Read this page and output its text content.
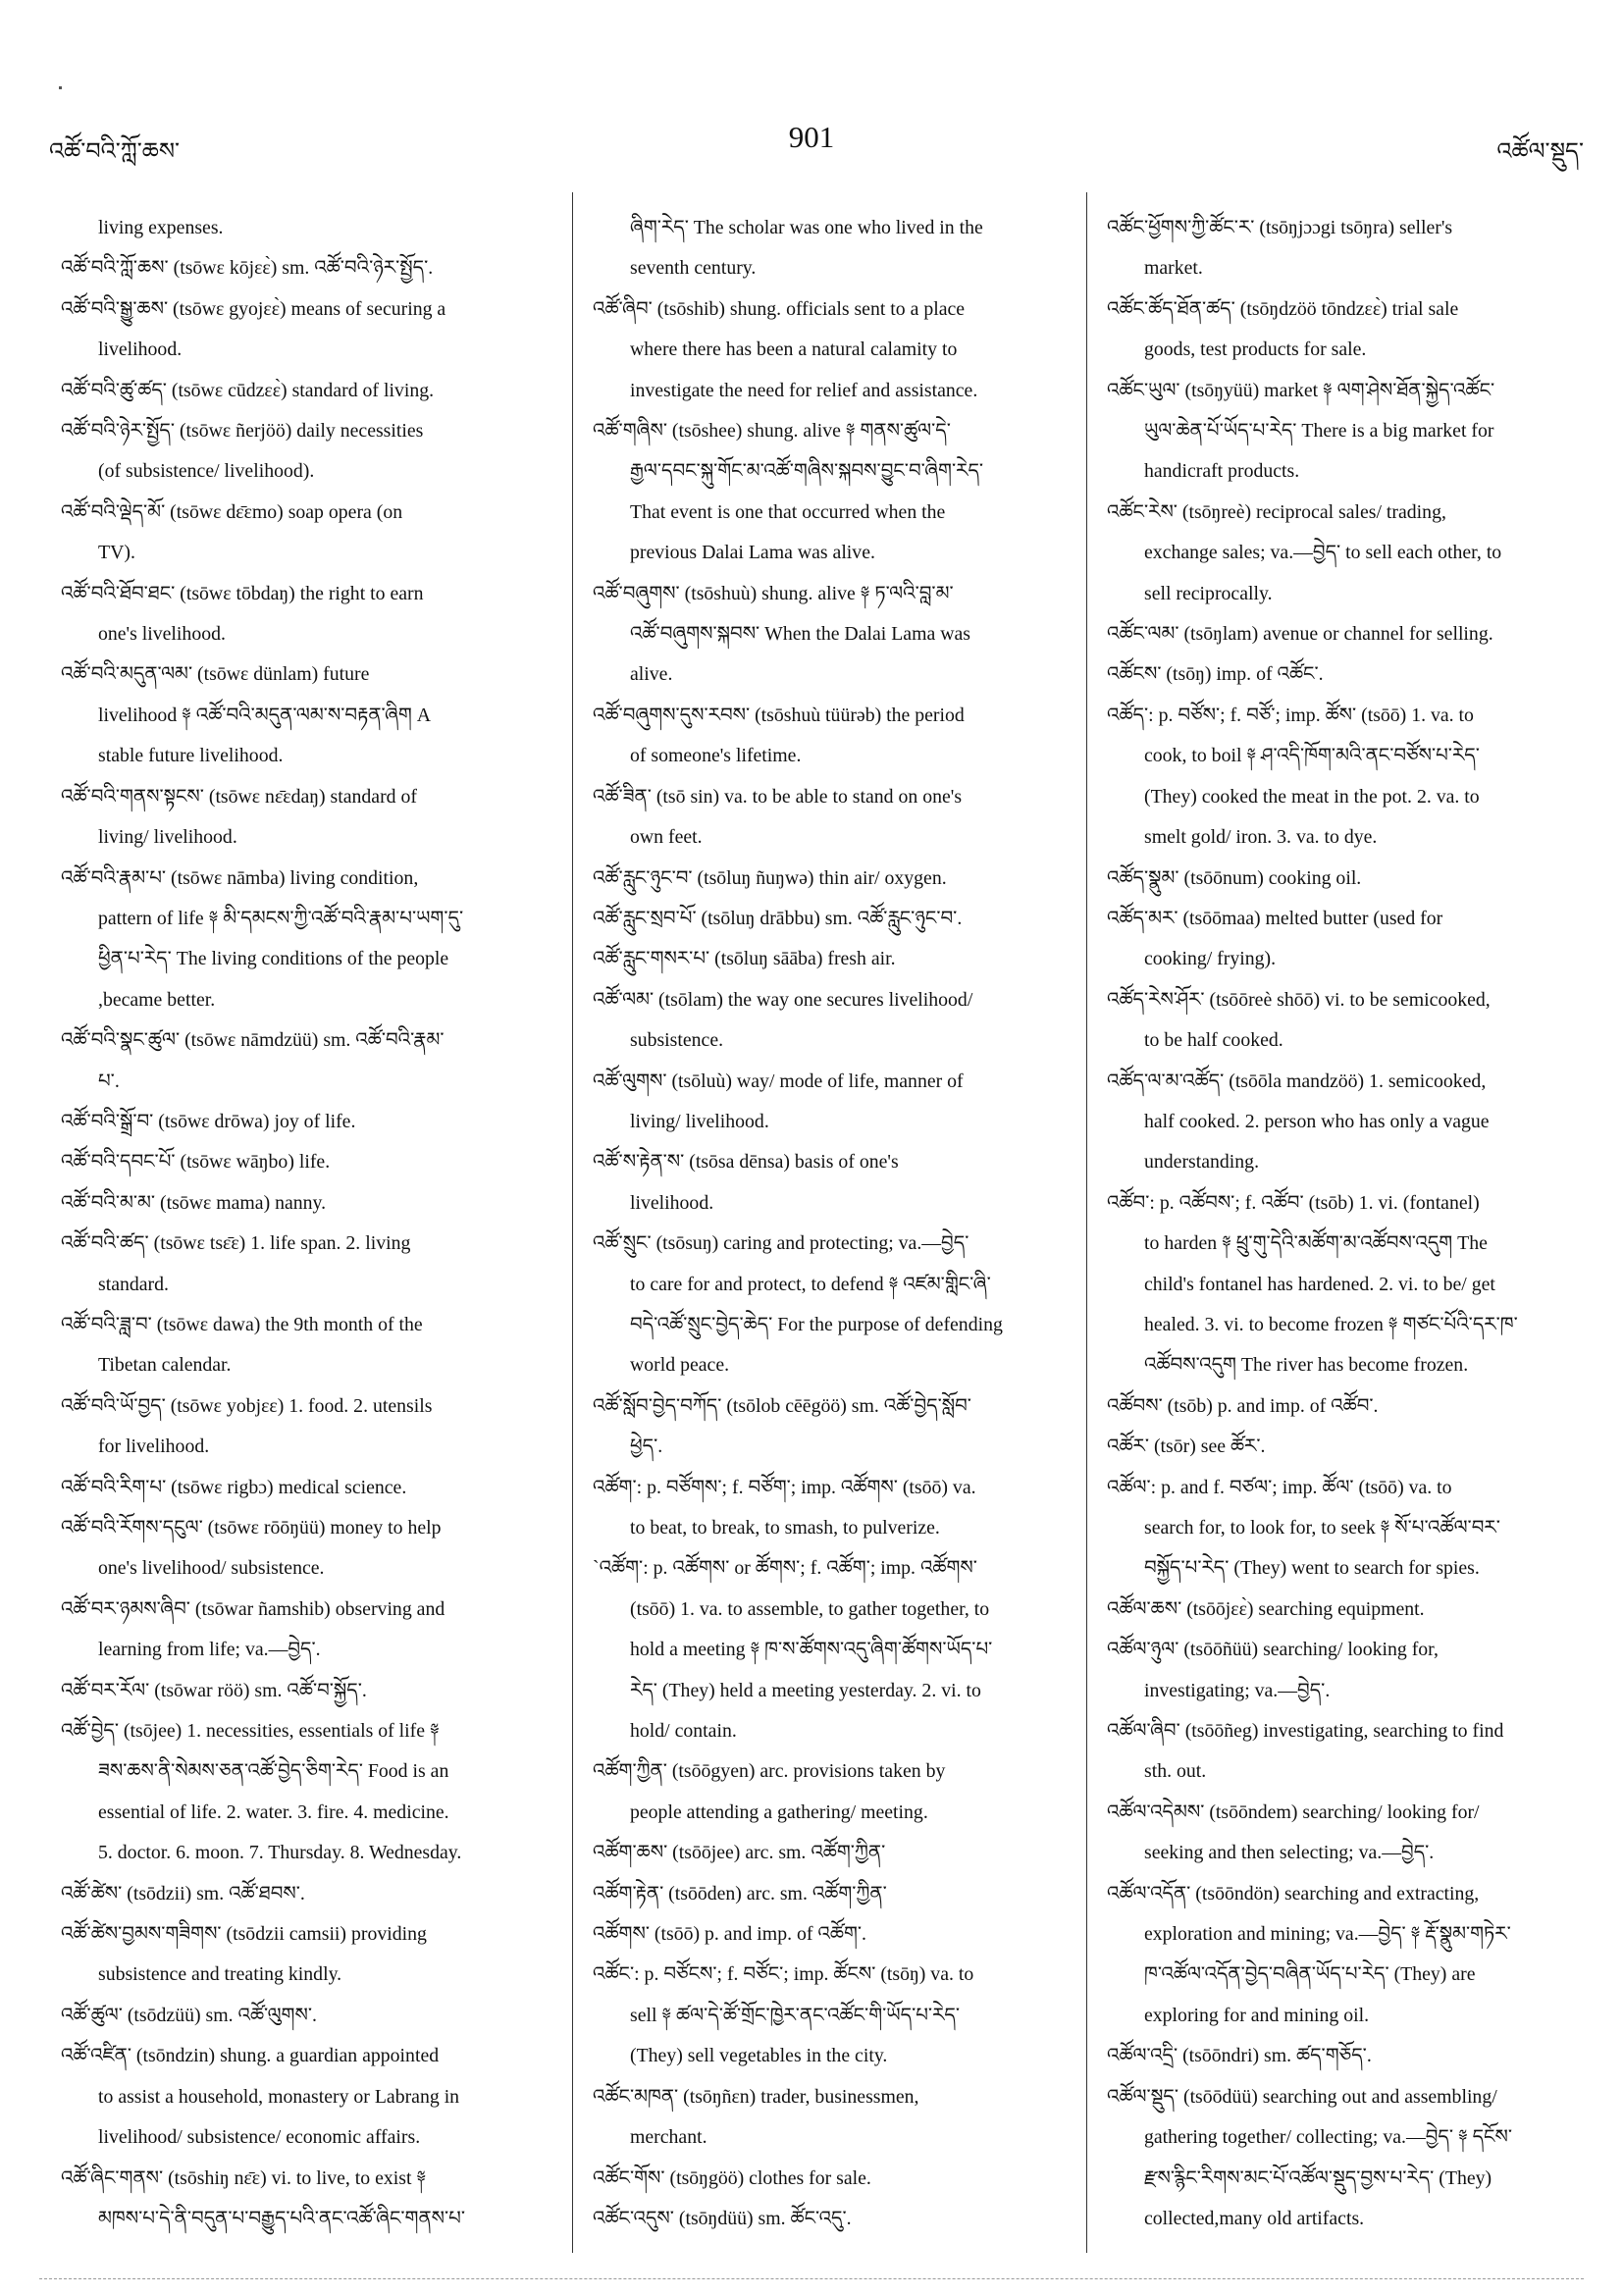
འཚོ་བའི་ཀློ་ཆས་	901	འཚོལ་སྡུད་

living expenses.

འཚོ་བའི་ཀློ་ཆས་ (tsōwɛ kōjɛɛ̀) sm. འཚོ་བའི་ཉེར་སྤྱོད་.

འཚོ་བའི་སྒྱུ་ཆས་ (tsōwɛ gyojɛɛ̀) means of securing a

livelihood.

འཚོ་བའི་ཚུ་ཚད་ (tsōwɛ cūdzɛɛ̀) standard of living.

འཚོ་བའི་ཉེར་སྤྱོད་ (tsōwɛ ñerjöö) daily necessities

(of subsistence/ livelihood).

འཚོ་བའི་ལྡེད་མོ་ (tsōwɛ dɛ̄ɛmo) soap opera (on

TV).

འཚོ་བའི་ཐོབ་ཐང་ (tsōwɛ tōbdaŋ) the right to earn

one's livelihood.

འཚོ་བའི་མདུན་ལམ་ (tsōwɛ dünlam) future

livelihood ༈ འཚོ་བའི་མདུན་ལམ་ས་བརྟན་ཞིག A

stable future livelihood.

འཚོ་བའི་གནས་སྟངས་ (tsōwɛ nɛ̄ɛdaŋ) standard of

living/ livelihood.

འཚོ་བའི་རྣམ་པ་ (tsōwɛ nāmba) living condition,

pattern of life ༈ མི་དམངས་ཀྱི་འཚོ་བའི་རྣམ་པ་ཡག་དུ་

ཕྱིན་པ་རེད་ The living conditions of the people

,became better.

འཚོ་བའི་སྣང་ཚུལ་ (tsōwɛ nāmdzüü) sm. འཚོ་བའི་རྣམ་

པ་.

འཚོ་བའི་སྒྲོ་བ་ (tsōwɛ drōwa) joy of life.

འཚོ་བའི་དབང་པོ་ (tsōwɛ wāŋbo) life.

འཚོ་བའི་མ་མ་ (tsōwɛ mama) nanny.

འཚོ་བའི་ཚད་ (tsōwɛ tsɛ̄ɛ) 1. life span. 2. living

standard.

འཚོ་བའི་ཟླ་བ་ (tsōwɛ dawa) the 9th month of the

Tibetan calendar.

འཚོ་བའི་ཡོ་བྱད་ (tsōwɛ yobjɛɛ) 1. food. 2. utensils

for livelihood.

འཚོ་བའི་རིག་པ་ (tsōwɛ rigbɔ) medical science.

འཚོ་བའི་རོགས་དངུལ་ (tsōwɛ rōōŋüü) money to help

one's livelihood/ subsistence.

འཚོ་བར་ཉམས་ཞིབ་ (tsōwar ñamshib) observing and

learning from life; va.—བྱེད་.

འཚོ་བར་རོལ་ (tsōwar röö) sm. འཚོ་བ་སྐྱོད་.

འཚོ་བྱེད་ (tsōjee) 1. necessities, essentials of life ༈

ཟས་ཆས་ནི་སེམས་ཅན་འཚོ་བྱེད་ཅིག་རེད་ Food is an

essential of life. 2. water. 3. fire. 4. medicine.

5. doctor. 6. moon. 7. Thursday. 8. Wednesday.

འཚོ་ཚེས་ (tsōdzii) sm. འཚོ་ཐབས་.

འཚོ་ཚེས་བྱམས་གཟིགས་ (tsōdzii camsii) providing

subsistence and treating kindly.

འཚོ་ཚུལ་ (tsōdzüü) sm. འཚོ་ལུགས་.

འཚོ་འཛིན་ (tsōndzin) shung. a guardian appointed

to assist a household, monastery or Labrang in

livelihood/ subsistence/ economic affairs.

འཚོ་ཞིང་གནས་ (tsōshiŋ nɛ̄ɛ) vi. to live, to exist ༈

མཁས་པ་དེ་ནི་བདུན་པ་བརྒྱུད་པའི་ནང་འཚོ་ཞིང་གནས་པ་

ཞིག་རེད་ The scholar was one who lived in the

seventh century.

འཚོ་ཞིབ་ (tsōshib) shung. officials sent to a place

where there has been a natural calamity to

investigate the need for relief and assistance.

འཚོ་གཞིས་ (tsōshee) shung. alive ༈ གནས་ཚུལ་དེ་

རྒྱལ་དབང་སྐུ་གོང་མ་འཚོ་གཞིས་སྐབས་བྱུང་བ་ཞིག་རེད་

That event is one that occurred when the

previous Dalai Lama was alive.

འཚོ་བཞུགས་ (tsōshuù) shung. alive ༈ ཏ་ལའི་བླ་མ་

འཚོ་བཞུགས་སྐབས་ When the Dalai Lama was

alive.

འཚོ་བཞུགས་དུས་རབས་ (tsōshuù tüürəb) the period

of someone's lifetime.

འཚོ་ཟིན་ (tsō sin) va. to be able to stand on one's

own feet.

འཚོ་རླུང་ཉུང་བ་ (tsōluŋ ñuŋwə) thin air/ oxygen.

འཚོ་རླུང་སྲབ་པོ་ (tsōluŋ drābbu) sm. འཚོ་རླུང་ཉུང་བ་.

འཚོ་རླུང་གསར་པ་ (tsōluŋ sāāba) fresh air.

འཚོ་ལམ་ (tsōlam) the way one secures livelihood/

subsistence.

འཚོ་ལུགས་ (tsōluù) way/ mode of life, manner of

living/ livelihood.

འཚོ་ས་རྟེན་ས་ (tsōsa dēnsa) basis of one's

livelihood.

འཚོ་སྲུང་ (tsōsuŋ) caring and protecting; va.—བྱེད་

to care for and protect, to defend ༈ འཛམ་གླིང་ཞི་

བདེ་འཚོ་སྲུང་བྱེད་ཆེད་ For the purpose of defending

world peace.

འཚོ་སློབ་བྱེད་བཀོད་ (tsōlob cēēgöö) sm. འཚོ་བྱེད་སློབ་

ཕྱེད་.

འཚོག་: p. བཙོགས་; f. བཙོག་; imp. འཚོགས་ (tsōō) va.

to beat, to break, to smash, to pulverize.

`འཚོག་: p. འཚོགས་ or ཚོགས་; f. འཚོག་; imp. འཚོགས་

(tsōō) 1. va. to assemble, to gather together, to

hold a meeting ༈ ཁ་ས་ཚོགས་འདུ་ཞིག་ཚོགས་ཡོད་པ་

རེད་ (They) held a meeting yesterday. 2. vi. to

hold/ contain.

འཚོག་ཀྱིན་ (tsōōgyen) arc. provisions taken by

people attending a gathering/ meeting.

འཚོག་ཆས་ (tsōōjee) arc. sm. འཚོག་ཀྱིན་

འཚོག་རྟེན་ (tsōōden) arc. sm. འཚོག་ཀྱིན་

འཚོགས་ (tsōō) p. and imp. of འཚོག་.

འཚོང་: p. བཙོངས་; f. བཙོང་; imp. ཚོངས་ (tsōŋ) va. to

sell ༈ ཚལ་དེ་ཚོ་གྲོང་ཁྱེར་ནང་འཚོང་གི་ཡོད་པ་རེད་

(They) sell vegetables in the city.

འཚོང་མཁན་ (tsōŋñɛn) trader, businessmen,

merchant.

འཚོང་གོས་ (tsōŋgöö) clothes for sale.

འཚོང་འདུས་ (tsōŋdüü) sm. ཚོང་འདུ་.

འཚོང་ཕྱོགས་ཀྱི་ཚོང་ར་ (tsōŋjɔɔgi tsōŋra) seller's

market.

འཚོང་ཚོད་ཐོན་ཚད་ (tsōŋdzöö tōndzɛɛ̀) trial sale

goods, test products for sale.

འཚོང་ཡུལ་ (tsōŋyüü) market ༈ ལག་ཤེས་ཐོན་སྐྱེད་འཚོང་

ཡུལ་ཆེན་པོ་ཡོད་པ་རེད་ There is a big market for

handicraft products.

འཚོང་རེས་ (tsōŋreè) reciprocal sales/ trading,

exchange sales; va.—བྱེད་ to sell each other, to

sell reciprocally.

འཚོང་ལམ་ (tsōŋlam) avenue or channel for selling.

འཚོངས་ (tsōŋ) imp. of འཚོང་.

འཚོད་: p. བཙོས་; f. བཙོ་; imp. ཚོས་ (tsōō) 1. va. to

cook, to boil ༈ ཤ་འདི་ཁོག་མའི་ནང་བཙོས་པ་རེད་

(They) cooked the meat in the pot. 2. va. to

smelt gold/ iron. 3. va. to dye.

འཚོད་སྣུམ་ (tsōōnum) cooking oil.

འཚོད་མར་ (tsōōmaa) melted butter (used for

cooking/ frying).

འཚོད་རེས་ཤོར་ (tsōōreè shōō) vi. to be semicooked,

to be half cooked.

འཚོད་ལ་མ་འཚོད་ (tsōōla mandzöö) 1. semicooked,

half cooked. 2. person who has only a vague

understanding.

འཚོབ་: p. འཚོབས་; f. འཚོབ་ (tsōb) 1. vi. (fontanel)

to harden ༈ ཕྲུ་གུ་དེའི་མཚོག་མ་འཚོབས་འདུག The

child's fontanel has hardened. 2. vi. to be/ get

healed. 3. vi. to become frozen ༈ གཙང་པོའི་དར་ཁ་

འཚོབས་འདུག The river has become frozen.

འཚོབས་ (tsōb) p. and imp. of འཚོབ་.

འཚོར་ (tsōr) see ཚོར་.

འཚོལ་: p. and f. བཙལ་; imp. ཚོལ་ (tsōō) va. to

search for, to look for, to seek ༈ སོ་པ་འཚོལ་བར་

བསྐྱོད་པ་རེད་ (They) went to search for spies.

འཚོལ་ཆས་ (tsōōjɛɛ̀) searching equipment.

འཚོལ་ཉུལ་ (tsōōñüü) searching/ looking for,

investigating; va.—བྱེད་.

འཚོལ་ཞིབ་ (tsōōñeg) investigating, searching to find

sth. out.

འཚོལ་འདེམས་ (tsōōndem) searching/ looking for/

seeking and then selecting; va.—བྱེད་.

འཚོལ་འདོན་ (tsōōndön) searching and extracting,

exploration and mining; va.—བྱེད་ ༈ རྡོ་སྣུམ་གཏེར་

ཁ་འཚོལ་འདོན་བྱེད་བཞིན་ཡོད་པ་རེད་ (They) are

exploring for and mining oil.

འཚོལ་འདྲི་ (tsōōndri) sm. ཚད་གཅོད་.

འཚོལ་སྡུད་ (tsōōdüü) searching out and assembling/

gathering together/ collecting; va.—བྱེད་ ༈ དངོས་

རྫས་རྙིང་རིགས་མང་པོ་འཚོལ་སྡུད་བྱས་པ་རེད་ (They)

collected,many old artifacts.
